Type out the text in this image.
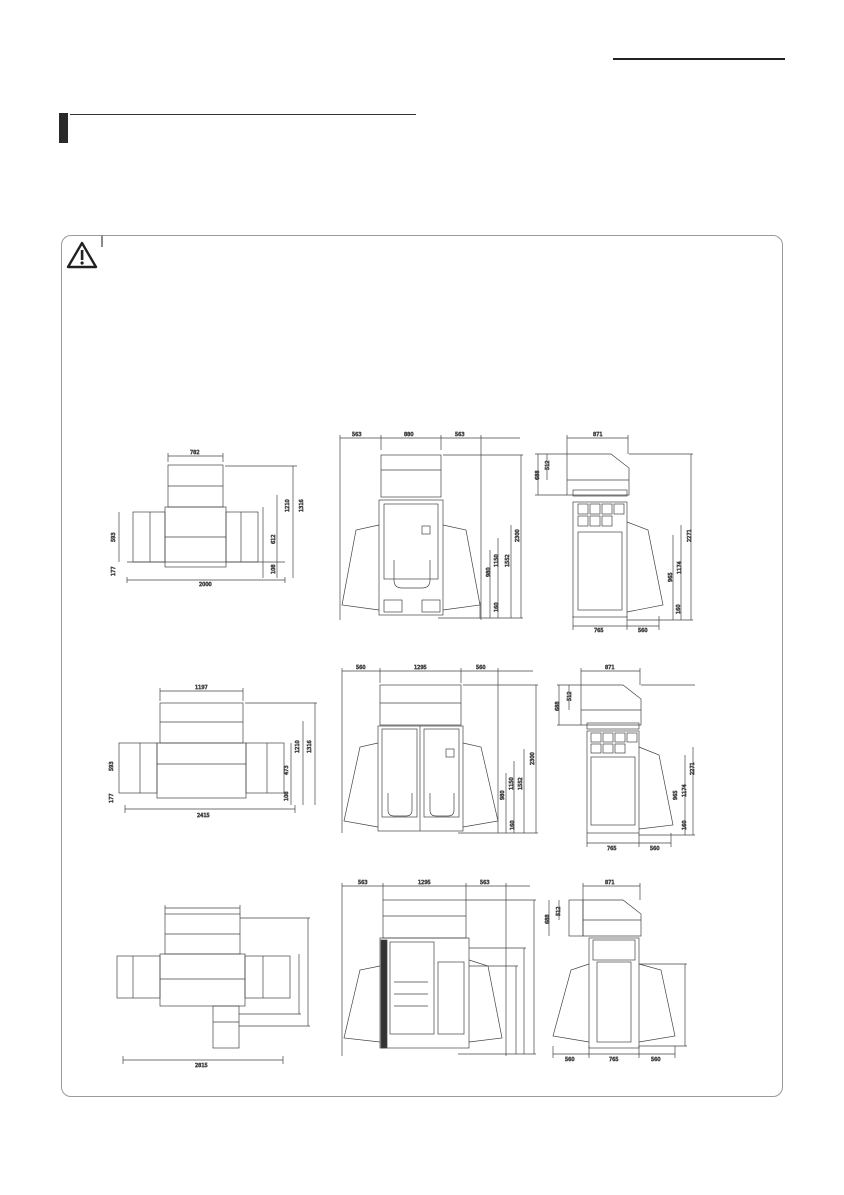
782
2000
593
177
1210 1316
612
108
563	880	563
2300
1552
1150
980
160
871
688
512
2271
1174
965
160
765	560
1197
2415
593
177
1210 1316
473
108
560	1295	560
2300
1552
1150
980
160
871
688
512
2271
1174
965
160
765	560
2815
563	1295	563	871
688
512
560	765	560
